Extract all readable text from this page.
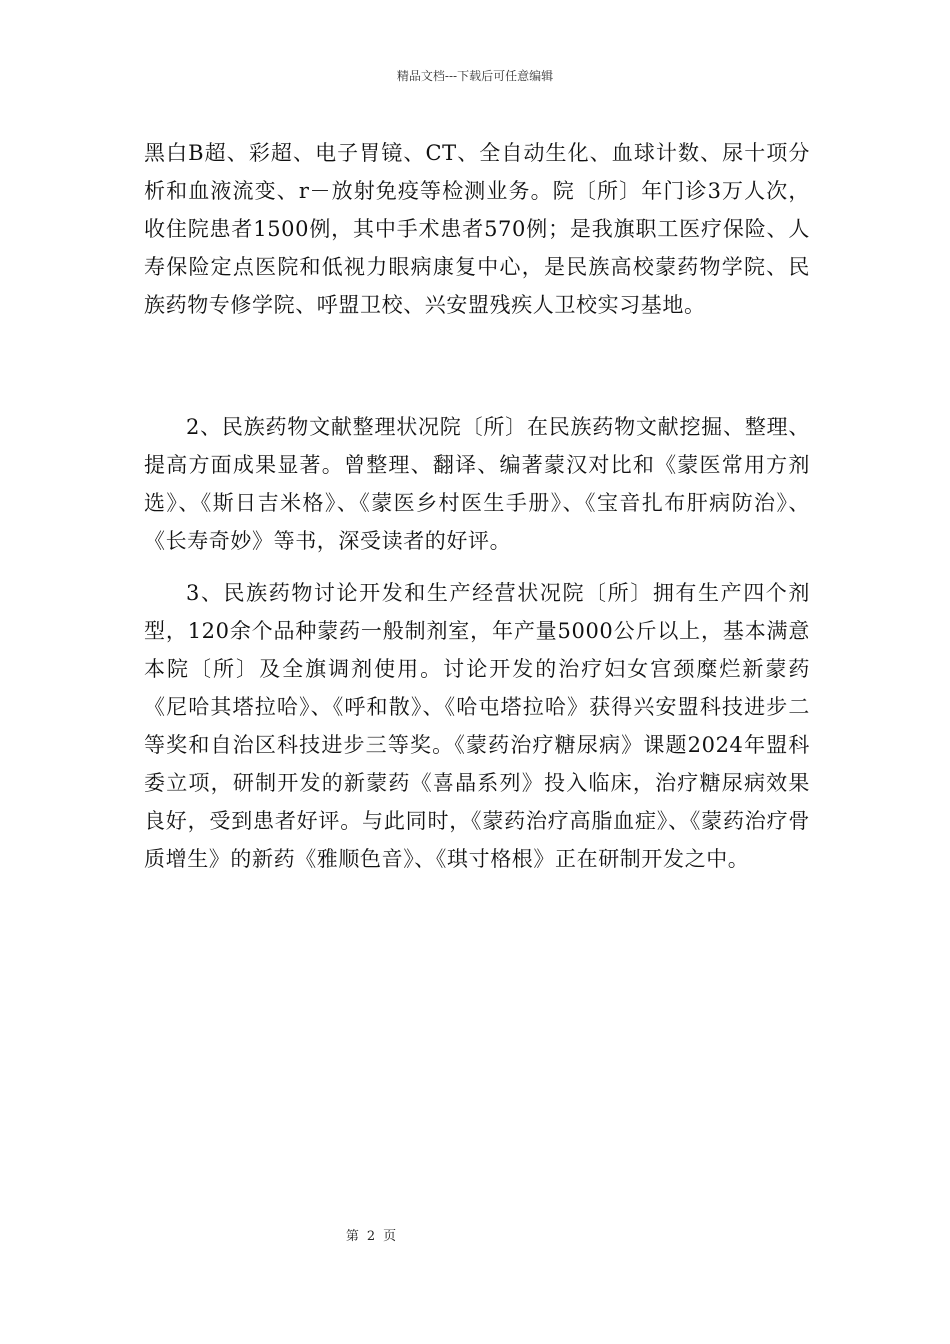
精品文档---下载后可任意编辑

黑白B超、彩超、电子胃镜、CT、全自动生化、血球计数、尿十项分析和血液流变、r－放射免疫等检测业务。院〔所〕年门诊3万人次，收住院患者1500例，其中手术患者570例；是我旗职工医疗保险、人寿保险定点医院和低视力眼病康复中心，是民族高校蒙药物学院、民族药物专修学院、呼盟卫校、兴安盟残疾人卫校实习基地。

2、民族药物文献整理状况院〔所〕在民族药物文献挖掘、整理、提高方面成果显著。曾整理、翻译、编著蒙汉对比和《蒙医常用方剂选》、《斯日吉米格》、《蒙医乡村医生手册》、《宝音扎布肝病防治》、《长寿奇妙》等书，深受读者的好评。

3、民族药物讨论开发和生产经营状况院〔所〕拥有生产四个剂型，120余个品种蒙药一般制剂室，年产量5000公斤以上，基本满意本院〔所〕及全旗调剂使用。讨论开发的治疗妇女宫颈糜烂新蒙药《尼哈其塔拉哈》、《呼和散》、《哈屯塔拉哈》获得兴安盟科技进步二等奖和自治区科技进步三等奖。《蒙药治疗糖尿病》课题2024年盟科委立项，研制开发的新蒙药《喜晶系列》投入临床，治疗糖尿病效果良好，受到患者好评。与此同时，《蒙药治疗高脂血症》、《蒙药治疗骨质增生》的新药《雅顺色音》、《琪寸格根》正在研制开发之中。

第 2 页
